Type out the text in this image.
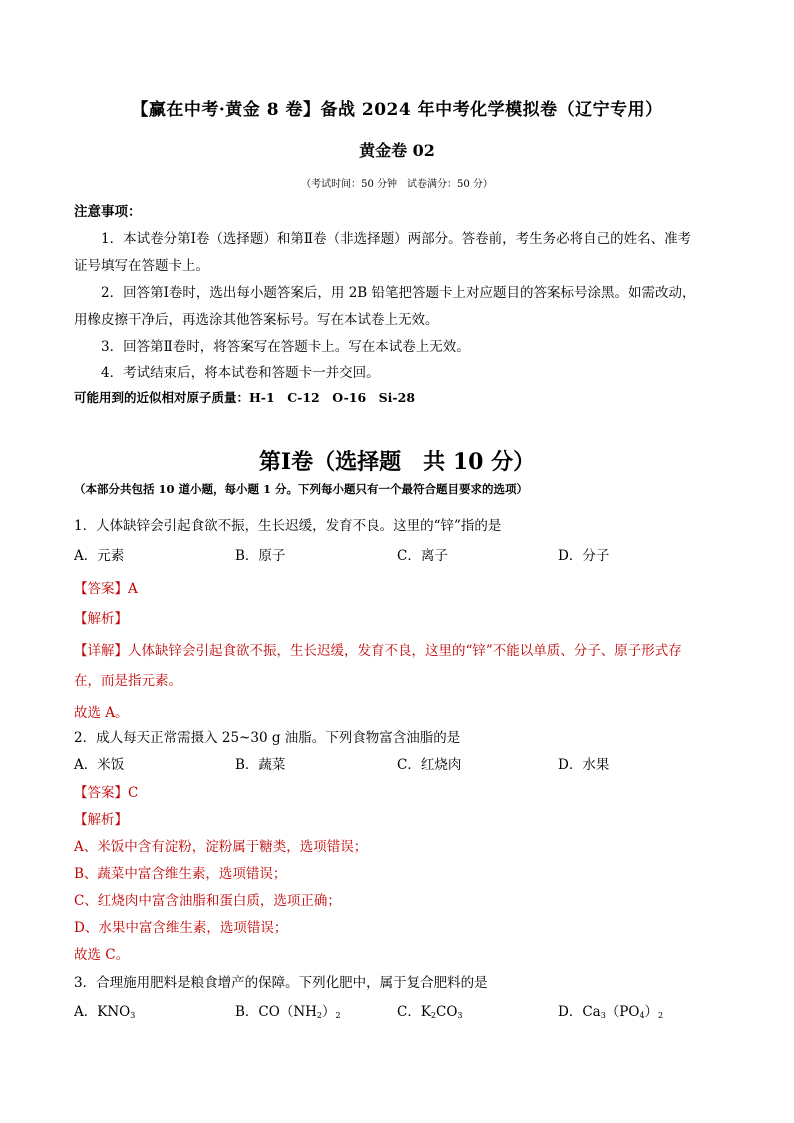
【赢在中考·黄金 8 卷】备战 2024 年中考化学模拟卷（辽宁专用）
黄金卷 02
（考试时间：50 分钟　试卷满分：50 分）
注意事项：
1．本试卷分第Ⅰ卷（选择题）和第Ⅱ卷（非选择题）两部分。答卷前，考生务必将自己的姓名、准考
证号填写在答题卡上。
2．回答第Ⅰ卷时，选出每小题答案后，用 2B 铅笔把答题卡上对应题目的答案标号涂黑。如需改动，
用橡皮擦干净后，再选涂其他答案标号。写在本试卷上无效。
3．回答第Ⅱ卷时，将答案写在答题卡上。写在本试卷上无效。
4．考试结束后，将本试卷和答题卡一并交回。
可能用到的近似相对原子质量：H-1　C-12　O-16　Si-28
第Ⅰ卷（选择题　共 10 分）
（本部分共包括 10 道小题，每小题 1 分。下列每小题只有一个最符合题目要求的选项）
1．人体缺锌会引起食欲不振，生长迟缓，发育不良。这里的“锌”指的是
A．元素	B．原子	C．离子	D．分子
【答案】A
【解析】
【详解】人体缺锌会引起食欲不振，生长迟缓，发育不良，这里的“锌”不能以单质、分子、原子形式存
在，而是指元素。
故选 A。
2．成人每天正常需摄入 25~30 g 油脂。下列食物富含油脂的是
A．米饭	B．蔬菜	C．红烧肉	D．水果
【答案】C
【解析】
A、米饭中含有淀粉，淀粉属于糖类，选项错误；
B、蔬菜中富含维生素，选项错误；
C、红烧肉中富含油脂和蛋白质，选项正确；
D、水果中富含维生素，选项错误；
故选 C。
3．合理施用肥料是粮食增产的保障。下列化肥中，属于复合肥料的是
A．$KNO_3$	B．$CO(NH_2)_2$	C．$K_2CO_3$	D．$Ca_3(PO_4)_2$
